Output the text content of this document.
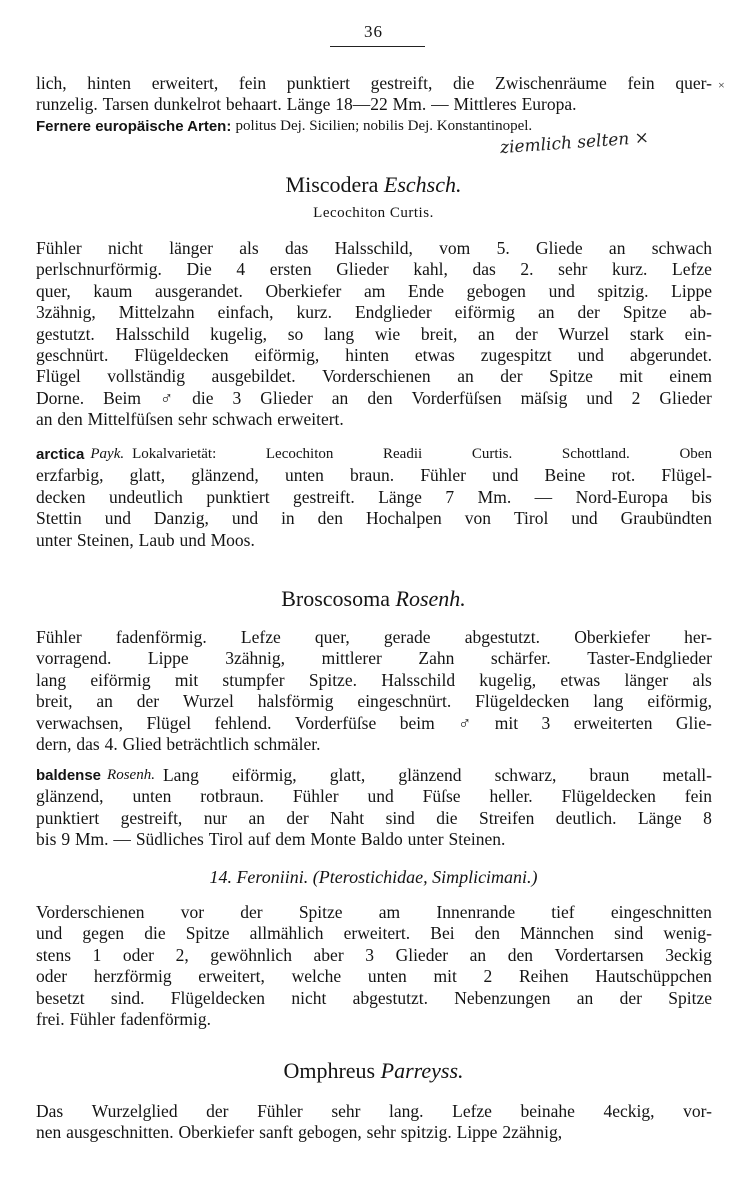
36
lich, hinten erweitert, fein punktiert gestreift, die Zwischenräume fein quer-
runzelig. Tarsen dunkelrot behaart. Länge 18—22 Mm. — Mittleres Europa.
Fernere europäische Arten: politus Dej. Sicilien; nobilis Dej. Konstantinopel.
×
ziemlich selten ×
Miscodera Eschsch.
Lecochiton Curtis.
Fühler nicht länger als das Halsschild, vom 5. Gliede an schwach
perlschnurförmig. Die 4 ersten Glieder kahl, das 2. sehr kurz. Lefze
quer, kaum ausgerandet. Oberkiefer am Ende gebogen und spitzig. Lippe
3zähnig, Mittelzahn einfach, kurz. Endglieder eiförmig an der Spitze ab-
gestutzt. Halsschild kugelig, so lang wie breit, an der Wurzel stark ein-
geschnürt. Flügeldecken eiförmig, hinten etwas zugespitzt und abgerundet.
Flügel vollständig ausgebildet. Vorderschienen an der Spitze mit einem
Dorne. Beim ♂ die 3 Glieder an den Vorderfüſsen mäſsig und 2 Glieder
an den Mittelfüſsen sehr schwach erweitert.
arctica Payk. Lokalvarietät:	Lecochiton	Readii	Curtis.	Schottland.	Oben
erzfarbig, glatt, glänzend, unten braun. Fühler und Beine rot. Flügel-
decken undeutlich punktiert gestreift. Länge 7 Mm. — Nord-Europa bis
Stettin und Danzig, und in den Hochalpen von Tirol und Graubündten
unter Steinen, Laub und Moos.
Broscosoma Rosenh.
Fühler fadenförmig. Lefze quer, gerade abgestutzt. Oberkiefer her-
vorragend. Lippe 3zähnig, mittlerer Zahn schärfer. Taster-Endglieder
lang eiförmig mit stumpfer Spitze. Halsschild kugelig, etwas länger als
breit, an der Wurzel halsförmig eingeschnürt. Flügeldecken lang eiförmig,
verwachsen, Flügel fehlend. Vorderfüſse beim ♂ mit 3 erweiterten Glie-
dern, das 4. Glied beträchtlich schmäler.
baldense Rosenh. Lang eiförmig, glatt, glänzend schwarz, braun metall-
glänzend, unten rotbraun. Fühler und Füſse heller. Flügeldecken fein
punktiert gestreift, nur an der Naht sind die Streifen deutlich. Länge 8
bis 9 Mm. — Südliches Tirol auf dem Monte Baldo unter Steinen.
14. Feroniini. (Pterostichidae, Simplicimani.)
Vorderschienen vor der Spitze am Innenrande tief eingeschnitten
und gegen die Spitze allmählich erweitert. Bei den Männchen sind wenig-
stens 1 oder 2, gewöhnlich aber 3 Glieder an den Vordertarsen 3eckig
oder herzförmig erweitert, welche unten mit 2 Reihen Hautschüppchen
besetzt sind. Flügeldecken nicht abgestutzt. Nebenzungen an der Spitze
frei. Fühler fadenförmig.
Omphreus Parreyss.
Das Wurzelglied der Fühler sehr lang. Lefze beinahe 4eckig, vor-
nen ausgeschnitten. Oberkiefer sanft gebogen, sehr spitzig. Lippe 2zähnig,
